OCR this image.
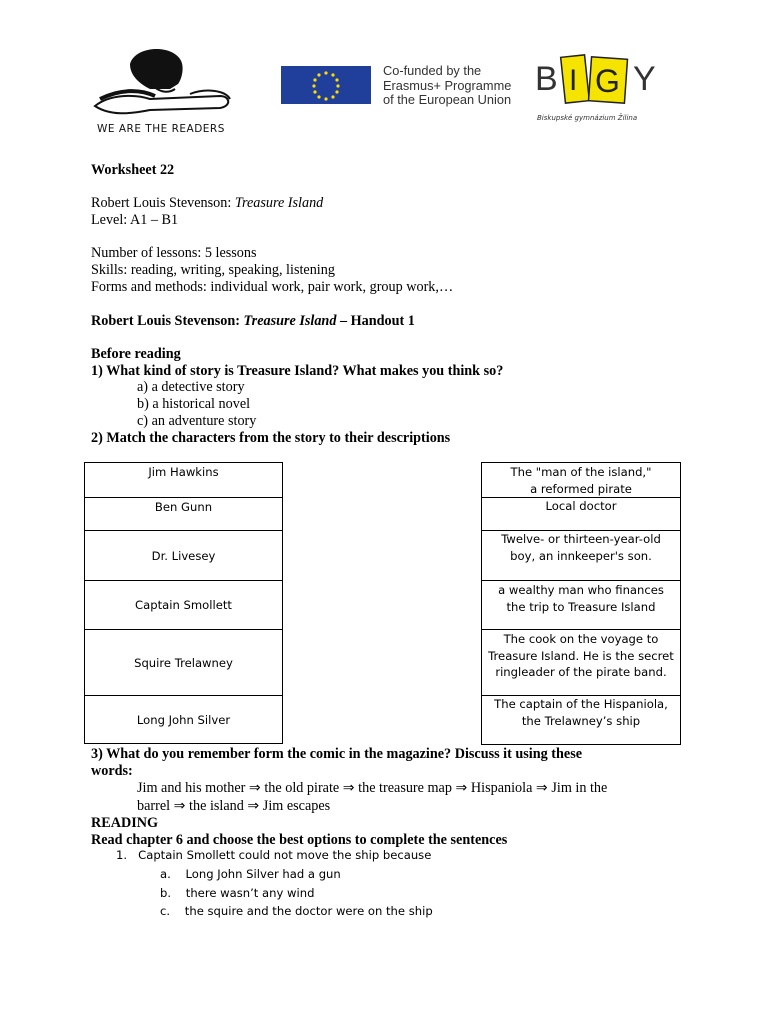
WE ARE THE READERS
Co-funded by the
Erasmus+ Programme
of the European Union
B I G Y
Biskupské gymnázium Žilina
Worksheet 22
Robert Louis Stevenson: Treasure Island
Level: A1 – B1
Number of lessons: 5 lessons
Skills: reading, writing, speaking, listening
Forms and methods: individual work, pair work, group work,…
Robert Louis Stevenson: Treasure Island – Handout 1
Before reading
1) What kind of story is Treasure Island? What makes you think so?
a) a detective story
b) a historical novel
c) an adventure story
2) Match the characters from the story to their descriptions
Jim Hawkins
Ben Gunn
Dr. Livesey
Captain Smollett
Squire Trelawney
Long John Silver
The "man of the island,"
a reformed pirate
Local doctor
Twelve- or thirteen-year-old
boy, an innkeeper's son.
a wealthy man who finances
the trip to Treasure Island
The cook on the voyage to
Treasure Island. He is the secret
ringleader of the pirate band.
The captain of the Hispaniola,
the Trelawney’s ship
3) What do you remember form the comic in the magazine? Discuss it using these
words:
Jim and his mother ⇒ the old pirate ⇒ the treasure map ⇒ Hispaniola ⇒ Jim in the
barrel ⇒ the island ⇒ Jim escapes
READING
Read chapter 6 and choose the best options to complete the sentences
1.   Captain Smollett could not move the ship because
a.    Long John Silver had a gun
b.    there wasn’t any wind
c.    the squire and the doctor were on the ship
